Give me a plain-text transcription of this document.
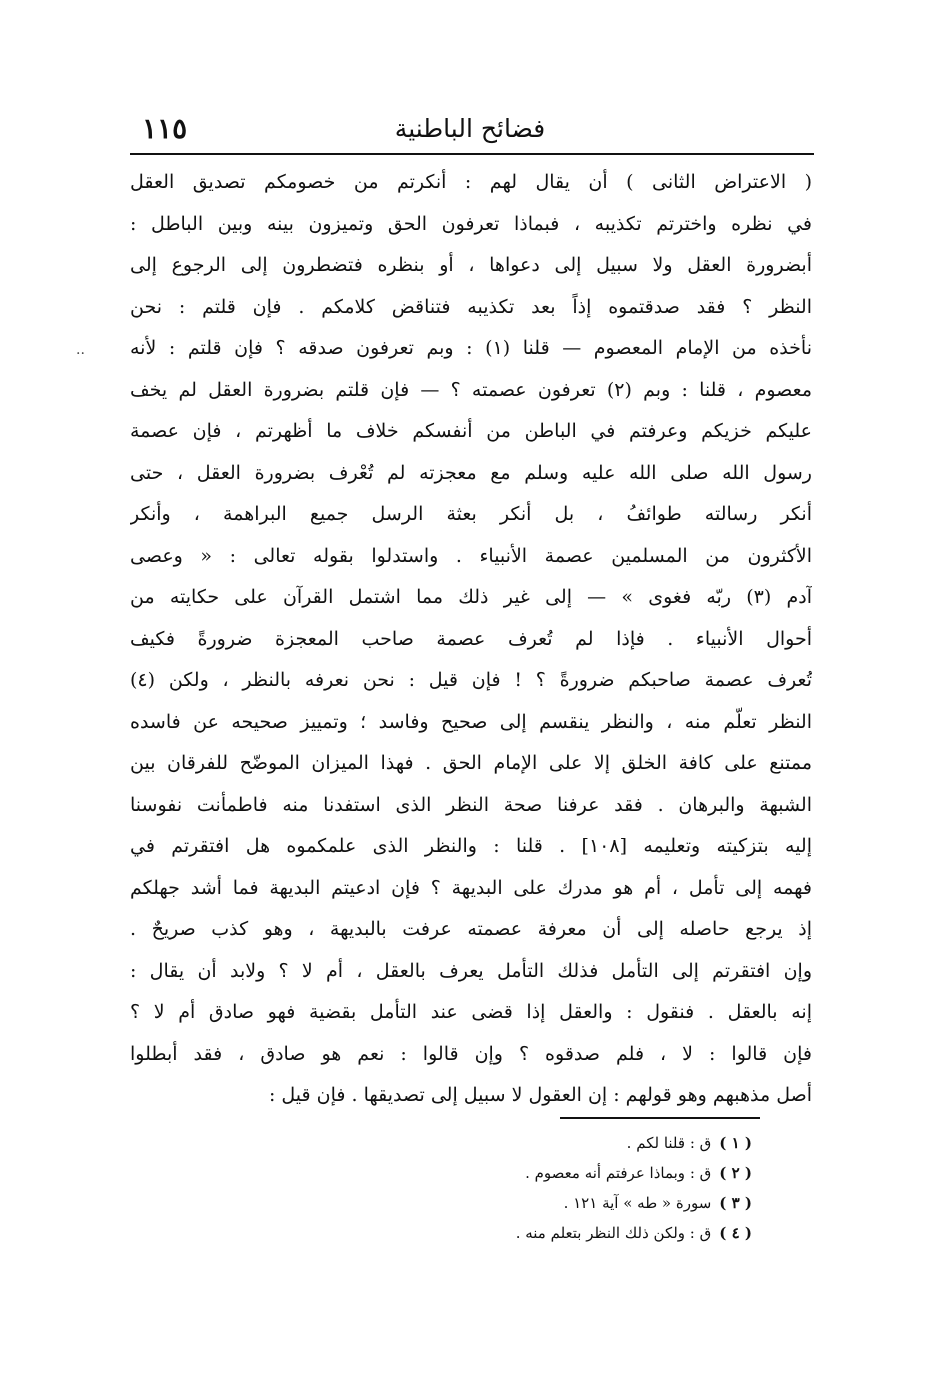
١١٥	فضائح الباطنية
..
( الاعتراض الثانى ) أن يقال لهم : أنكرتم من خصومكم تصديق العقل
في نظره واخترتم تكذيبه ، فبماذا تعرفون الحق وتميزون بينه وبين الباطل :
أبضرورة العقل ولا سبيل إلى دعواها ، أو بنظره فتضطرون إلى الرجوع إلى
النظر ؟ فقد صدقتموه إذاً بعد تكذيبه فتناقض كلامكم . فإن قلتم : نحن
نأخذه من الإمام المعصوم — قلنا (١) : وبم تعرفون صدقه ؟ فإن قلتم : لأنه
معصوم ، قلنا : وبم (٢) تعرفون عصمته ؟ — فإن قلتم بضرورة العقل لم يخف
عليكم خزيكم وعرفتم في الباطن من أنفسكم خلاف ما أظهرتم ، فإن عصمة
رسول الله صلى الله عليه وسلم مع معجزته لم تُعْرف بضرورة العقل ، حتى
أنكر رسالته طوائفُ ، بل أنكر بعثة الرسل جميع البراهمة ، وأنكر
الأكثرون من المسلمين عصمة الأنبياء . واستدلوا بقوله تعالى : « وعصى
آدم (٣) ربّه فغوى » — إلى غير ذلك مما اشتمل القرآن على حكايته من
أحوال الأنبياء . فإذا لم تُعرف عصمة صاحب المعجزة ضرورةً فكيف
تُعرف عصمة صاحبكم ضرورةً ؟ ! فإن قيل : نحن نعرفه بالنظر ، ولكن (٤)
النظر تعلّم منه ، والنظر ينقسم إلى صحيح وفاسد ؛ وتمييز صحيحه عن فاسده
ممتنع على كافة الخلق إلا على الإمام الحق . فهذا الميزان الموضّح للفرقان بين
الشبهة والبرهان . فقد عرفنا صحة النظر الذى استفدنا منه فاطمأنت نفوسنا
إليه بتزكيته وتعليمه [١٠٨] . قلنا : والنظر الذى علمكموه هل افتقرتم في
فهمه إلى تأمل ، أم هو مدرك على البديهة ؟ فإن ادعيتم البديهة فما أشد جهلكم
إذ يرجع حاصله إلى أن معرفة عصمته عرفت بالبديهة ، وهو كذب صريحٌ .
وإن افتقرتم إلى التأمل فذلك التأمل يعرف بالعقل ، أم لا ؟ ولابد أن يقال :
إنه بالعقل . فنقول : والعقل إذا قضى عند التأمل بقضية فهو صادق أم لا ؟
فإن قالوا : لا ، فلم صدقوه ؟ وإن قالوا : نعم هو صادق ، فقد أبطلوا
أصل مذهبهم وهو قولهم : إن العقول لا سبيل إلى تصديقها . فإن قيل :
( ١ )ق : قلنا لكم .
( ٢ )ق : وبماذا عرفتم أنه معصوم .
( ٣ )سورة « طه » آية ١٢١ .
( ٤ )ق : ولكن ذلك النظر بتعلم منه .
